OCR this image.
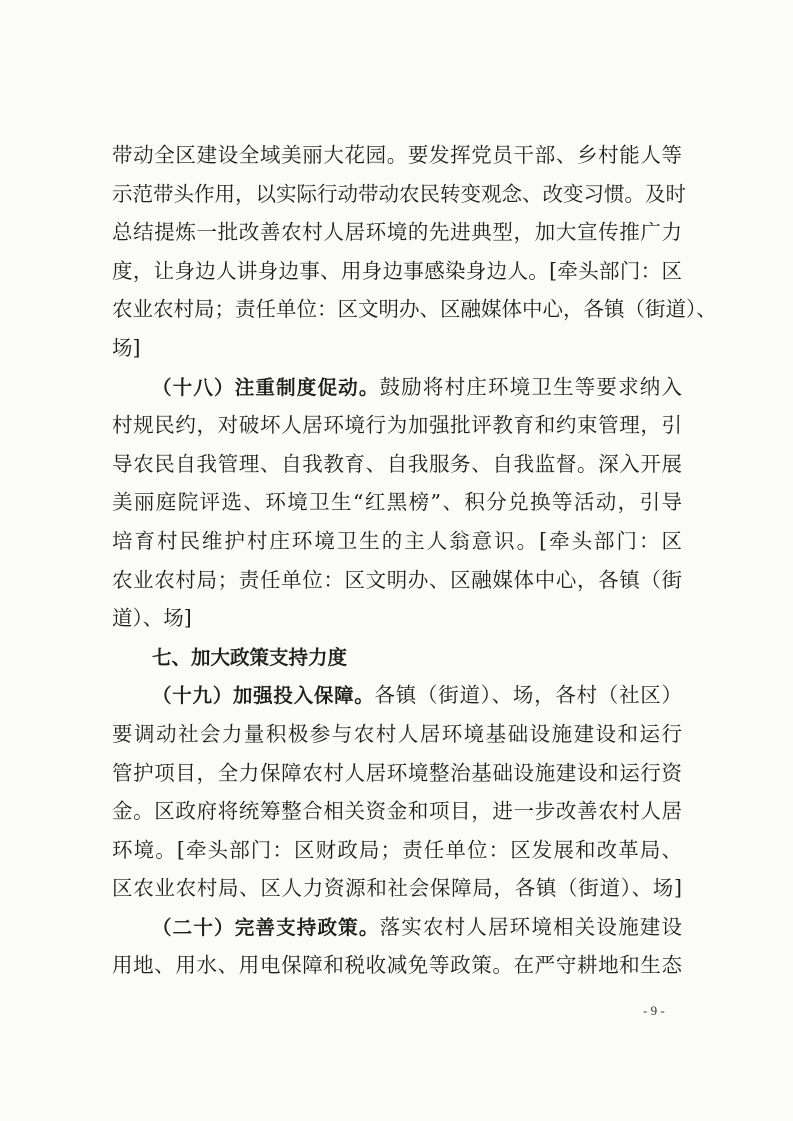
带动全区建设全域美丽大花园。要发挥党员干部、乡村能人等
示范带头作用，以实际行动带动农民转变观念、改变习惯。及时
总结提炼一批改善农村人居环境的先进典型，加大宣传推广力
度，让身边人讲身边事、用身边事感染身边人。[牵头部门：区
农业农村局；责任单位：区文明办、区融媒体中心，各镇（街道）、
场]
（十八）注重制度促动。鼓励将村庄环境卫生等要求纳入
村规民约，对破坏人居环境行为加强批评教育和约束管理，引
导农民自我管理、自我教育、自我服务、自我监督。深入开展
美丽庭院评选、环境卫生“红黑榜”、积分兑换等活动，引导
培育村民维护村庄环境卫生的主人翁意识。[牵头部门：区
农业农村局；责任单位：区文明办、区融媒体中心，各镇（街
道）、场]
七、加大政策支持力度
（十九）加强投入保障。各镇（街道）、场，各村（社区）
要调动社会力量积极参与农村人居环境基础设施建设和运行
管护项目，全力保障农村人居环境整治基础设施建设和运行资
金。区政府将统筹整合相关资金和项目，进一步改善农村人居
环境。[牵头部门：区财政局；责任单位：区发展和改革局、
区农业农村局、区人力资源和社会保障局，各镇（街道）、场]
（二十）完善支持政策。落实农村人居环境相关设施建设
用地、用水、用电保障和税收减免等政策。在严守耕地和生态
- 9 -
